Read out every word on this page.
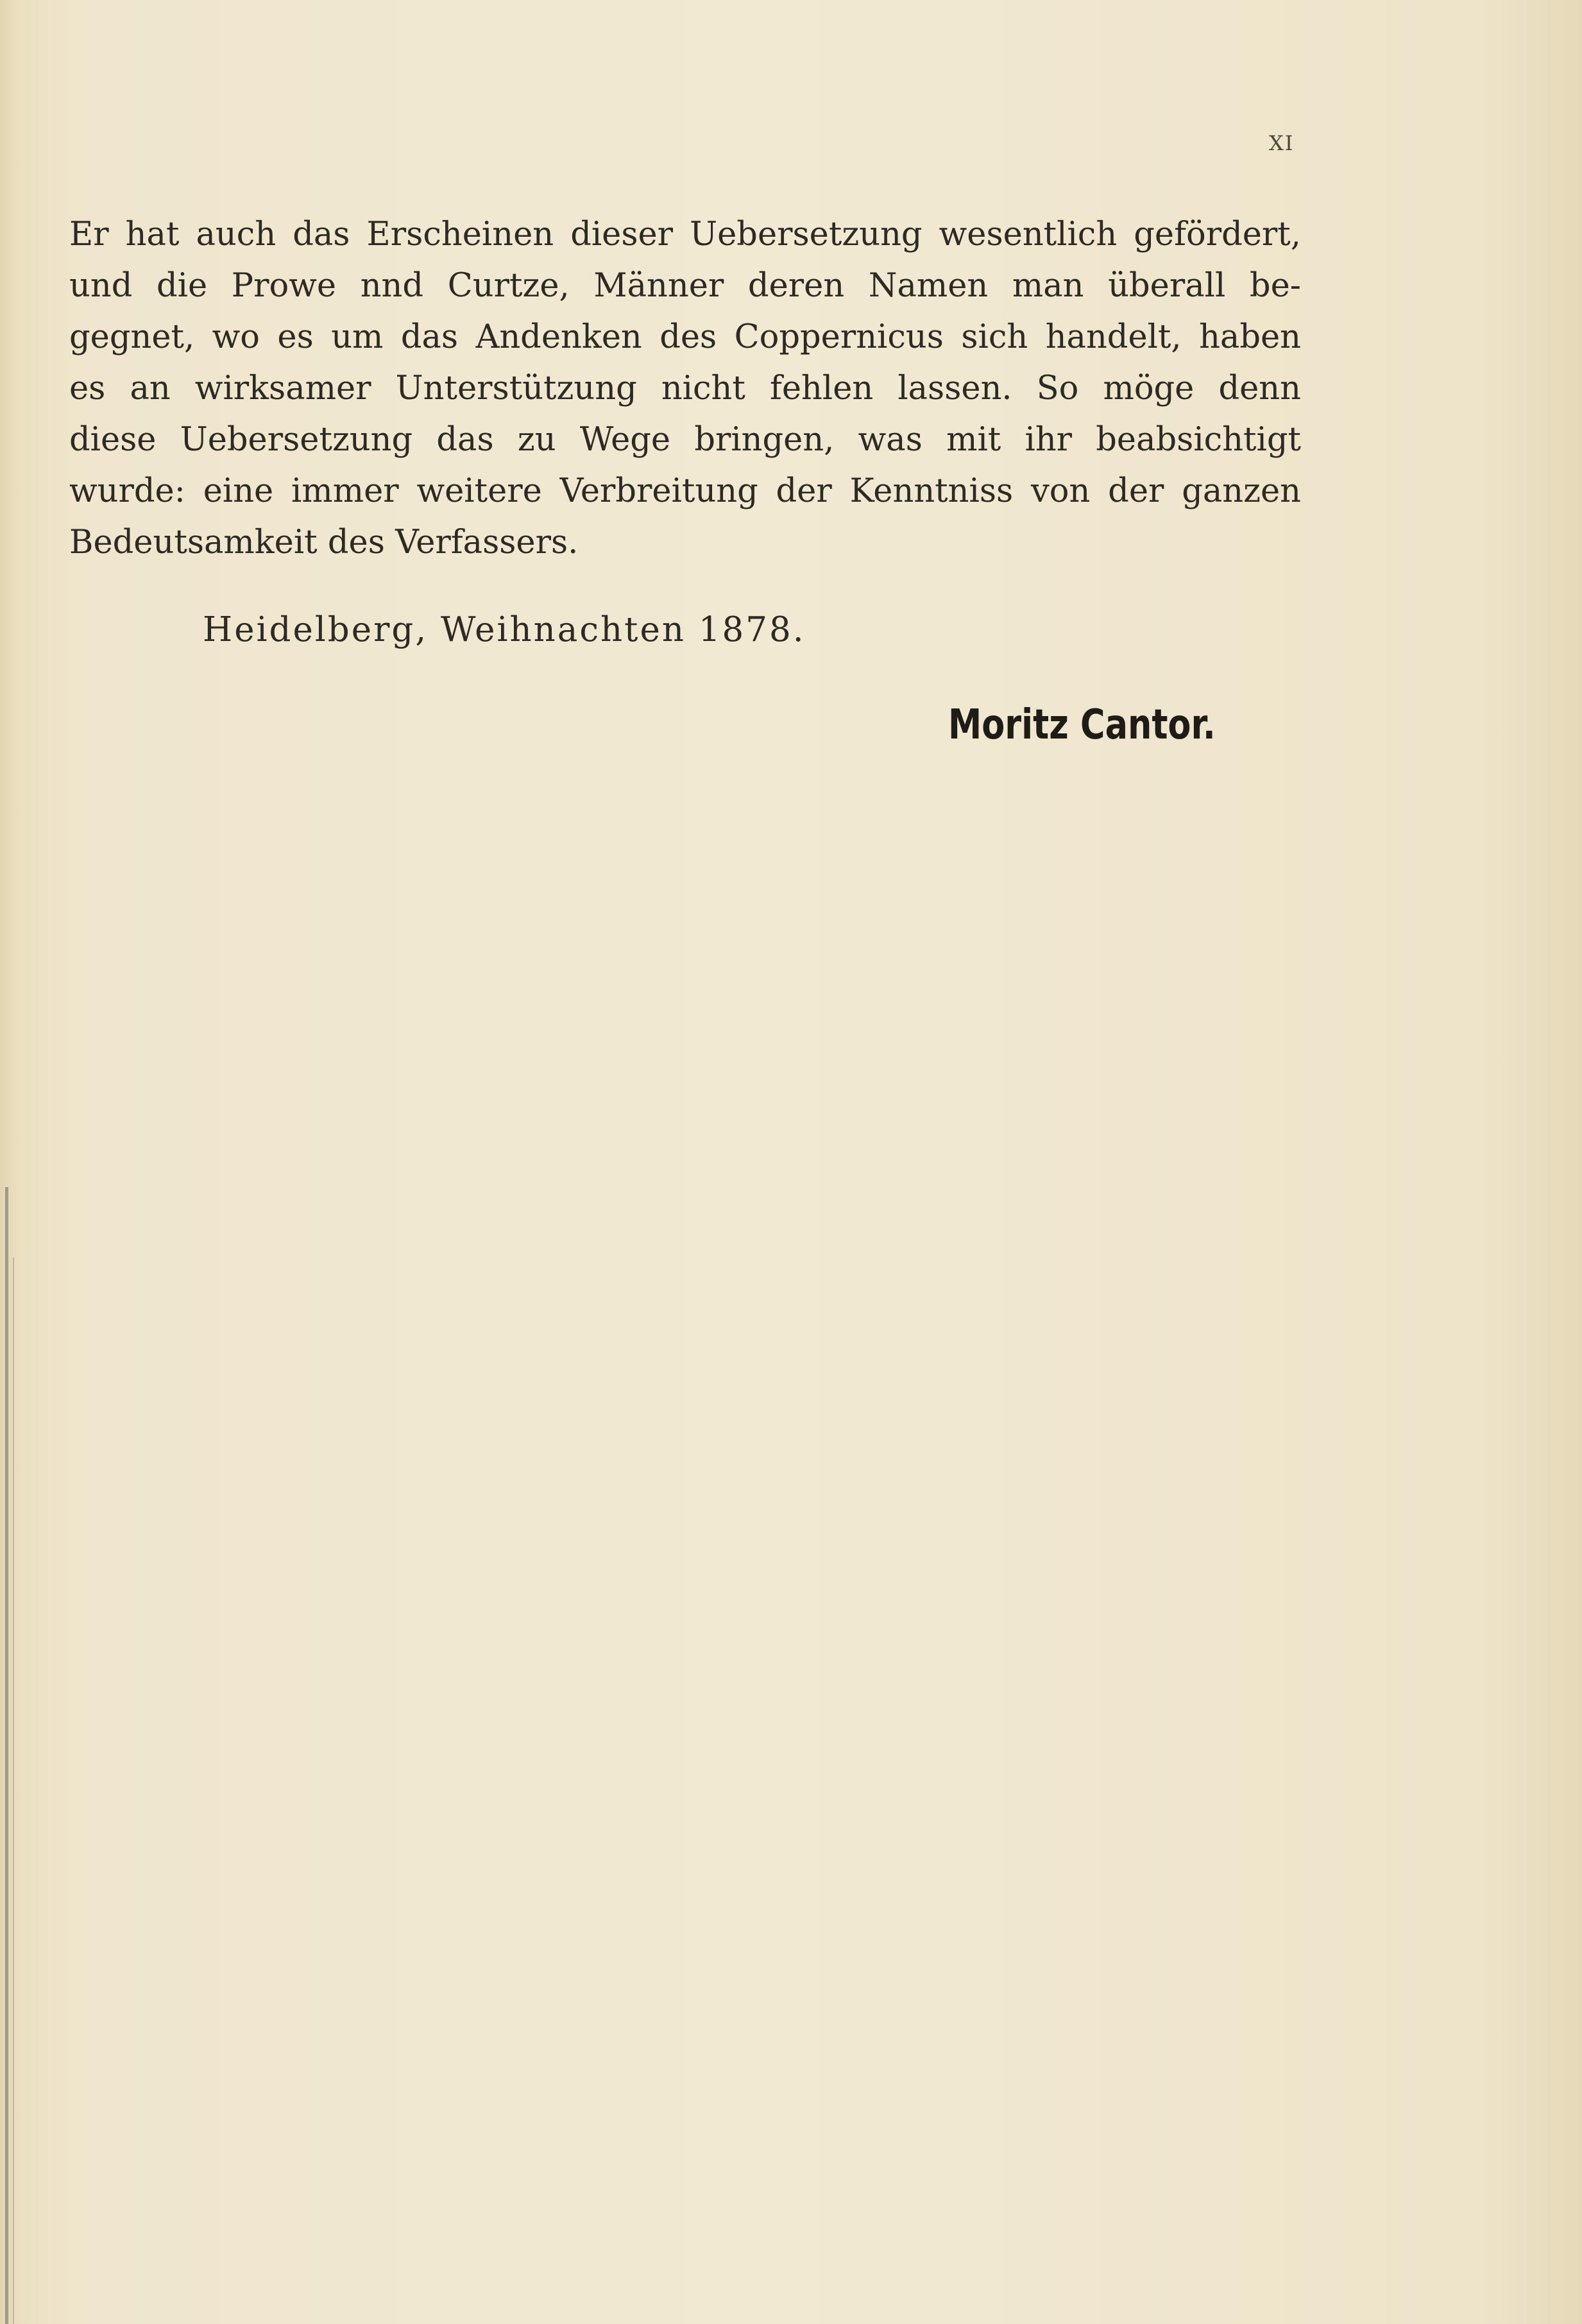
XI
Er hat auch das Erscheinen dieser Uebersetzung wesentlich gefördert,
und die Prowe nnd Curtze, Männer deren Namen man überall be-
gegnet, wo es um das Andenken des Coppernicus sich handelt, haben
es an wirksamer Unterstützung nicht fehlen lassen. So möge denn
diese Uebersetzung das zu Wege bringen, was mit ihr beabsichtigt
wurde: eine immer weitere Verbreitung der Kenntniss von der ganzen
Bedeutsamkeit des Verfassers.
Heidelberg, Weihnachten 1878.
Moritz Cantor.
